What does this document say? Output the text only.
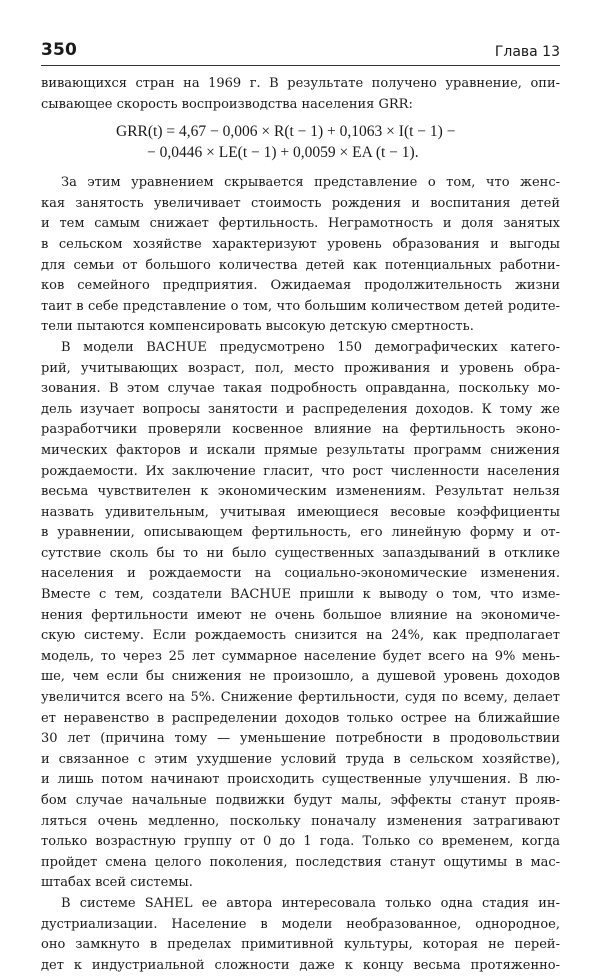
350	Глава 13
вивающихся стран на 1969 г. В результате получено уравнение, опи-
сывающее скорость воспроизводства населения GRR:
GRR(t) = 4,67 − 0,006 × R(t − 1) + 0,1063 × I(t − 1) −
− 0,0446 × LE(t − 1) + 0,0059 × EA (t − 1).
За этим уравнением скрывается представление о том, что женс-
кая занятость увеличивает стоимость рождения и воспитания детей
и тем самым снижает фертильность. Неграмотность и доля занятых
в сельском хозяйстве характеризуют уровень образования и выгоды
для семьи от большого количества детей как потенциальных работни-
ков семейного предприятия. Ожидаемая продолжительность жизни
таит в себе представление о том, что большим количеством детей родите-
тели пытаются компенсировать высокую детскую смертность.
В модели BACHUE предусмотрено 150 демографических катего-
рий, учитывающих возраст, пол, место проживания и уровень обра-
зования. В этом случае такая подробность оправданна, поскольку мо-
дель изучает вопросы занятости и распределения доходов. К тому же
разработчики проверяли косвенное влияние на фертильность эконо-
мических факторов и искали прямые результаты программ снижения
рождаемости. Их заключение гласит, что рост численности населения
весьма чувствителен к экономическим изменениям. Результат нельзя
назвать удивительным, учитывая имеющиеся весовые коэффициенты
в уравнении, описывающем фертильность, его линейную форму и от-
сутствие сколь бы то ни было существенных запаздываний в отклике
населения и рождаемости на социально-экономические изменения.
Вместе с тем, создатели BACHUE пришли к выводу о том, что изме-
нения фертильности имеют не очень большое влияние на экономиче-
скую систему. Если рождаемость снизится на 24%, как предполагает
модель, то через 25 лет суммарное население будет всего на 9% мень-
ше, чем если бы снижения не произошло, а душевой уровень доходов
увеличится всего на 5%. Снижение фертильности, судя по всему, делает
ет неравенство в распределении доходов только острее на ближайшие
30 лет (причина тому — уменьшение потребности в продовольствии
и связанное с этим ухудшение условий труда в сельском хозяйстве),
и лишь потом начинают происходить существенные улучшения. В лю-
бом случае начальные подвижки будут малы, эффекты станут прояв-
ляться очень медленно, поскольку поначалу изменения затрагивают
только возрастную группу от 0 до 1 года. Только со временем, когда
пройдет смена целого поколения, последствия станут ощутимы в мас-
штабах всей системы.
В системе SAHEL ее автора интересовала только одна стадия ин-
дустриализации. Население в модели необразованное, однородное,
оно замкнуто в пределах примитивной культуры, которая не перей-
дет к индустриальной сложности даже к концу весьма протяженно-
